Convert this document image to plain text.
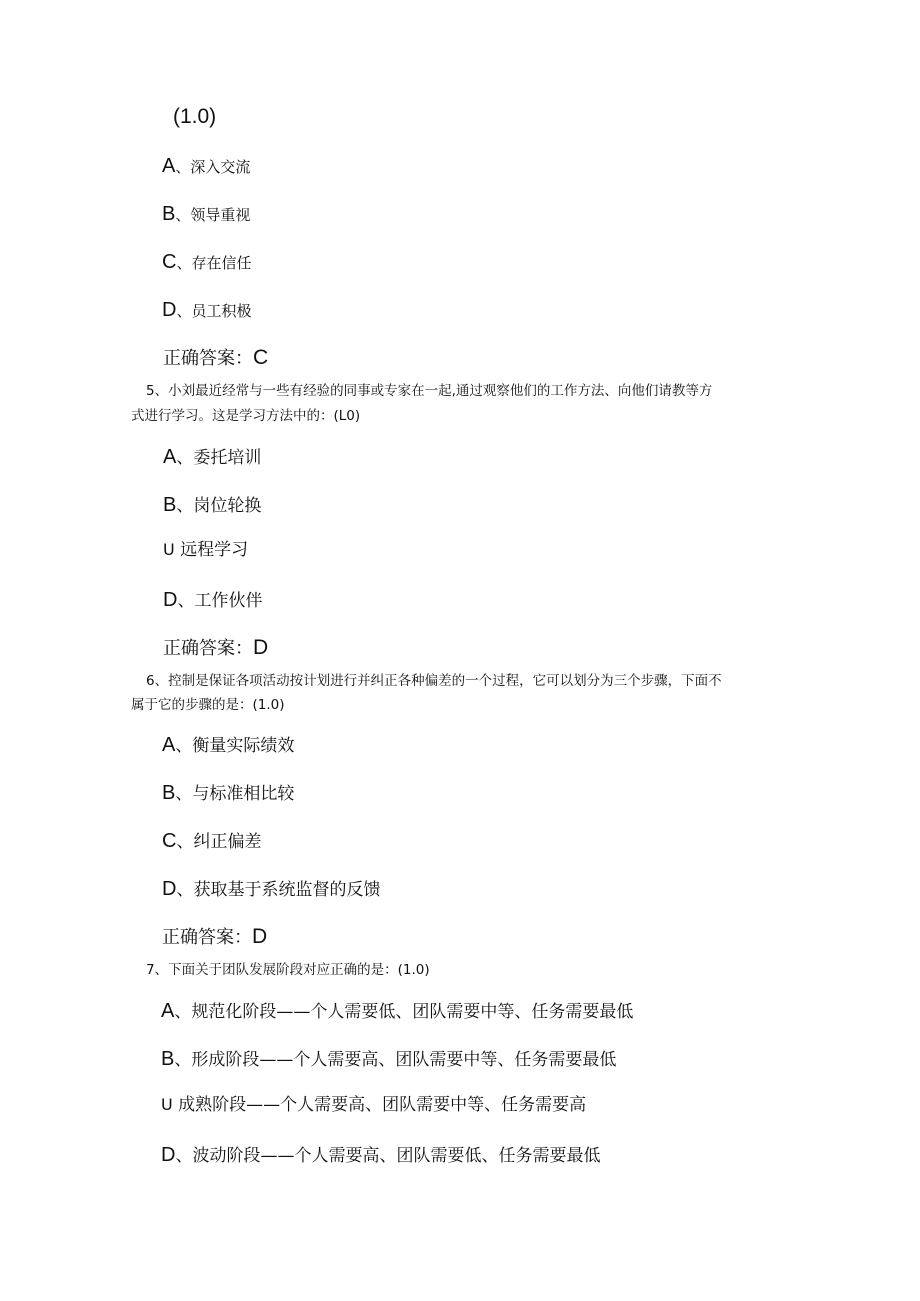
(1.0)
A、深入交流
B、领导重视
C、存在信任
D、员工积极
正确答案：C
5、小刘最近经常与一些有经验的同事或专家在一起,通过观察他们的工作方法、向他们请教等方
式进行学习。这是学习方法中的：(L0)
A、委托培训
B、岗位轮换
U 远程学习
D、工作伙伴
正确答案：D
6、控制是保证各项活动按计划进行并纠正各种偏差的一个过程，它可以划分为三个步骤，下面不
属于它的步骤的是：(1.0)
A、衡量实际绩效
B、与标准相比较
C、纠正偏差
D、获取基于系统监督的反馈
正确答案：D
7、下面关于团队发展阶段对应正确的是：(1.0)
A、规范化阶段——个人需要低、团队需要中等、任务需要最低
B、形成阶段——个人需要高、团队需要中等、任务需要最低
U 成熟阶段——个人需要高、团队需要中等、任务需要高
D、波动阶段——个人需要高、团队需要低、任务需要最低
